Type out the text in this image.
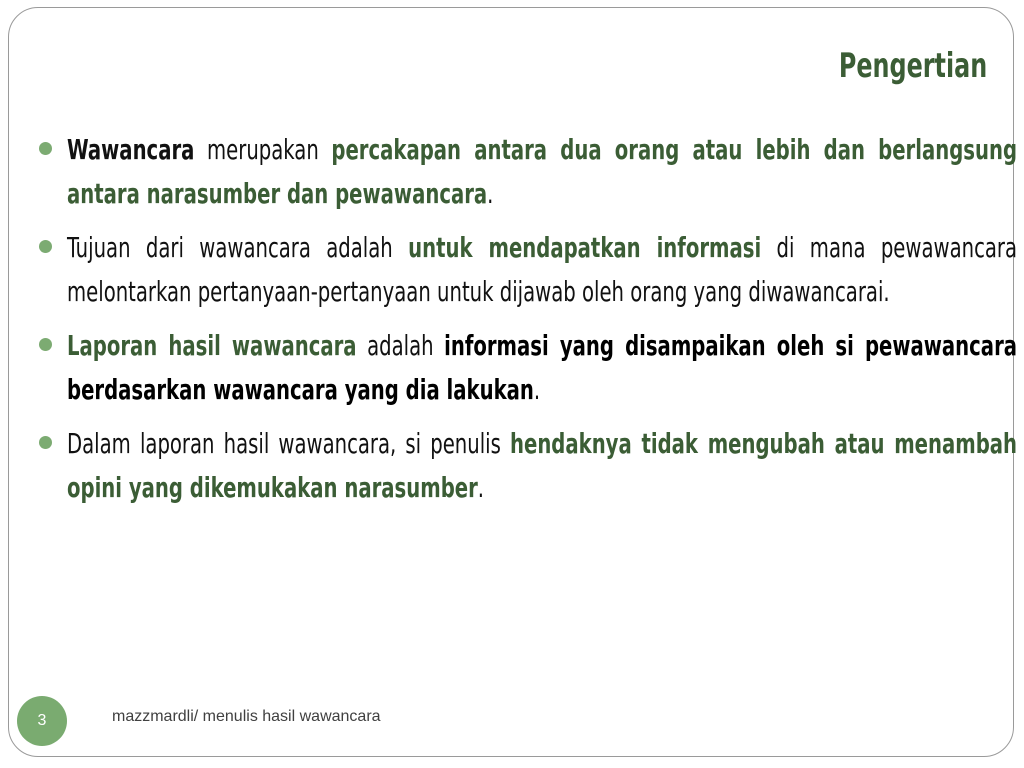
Pengertian
Wawancara merupakan percakapan antara dua orang atau lebih dan berlangsung antara narasumber dan pewawancara.
Tujuan dari wawancara adalah untuk mendapatkan informasi di mana pewawancara melontarkan pertanyaan-pertanyaan untuk dijawab oleh orang yang diwawancarai.
Laporan hasil wawancara adalah informasi yang disampaikan oleh si pewawancara berdasarkan wawancara yang dia lakukan.
Dalam laporan hasil wawancara, si penulis hendaknya tidak mengubah atau menambah opini yang dikemukakan narasumber.
3	mazzmardli/ menulis hasil wawancara
